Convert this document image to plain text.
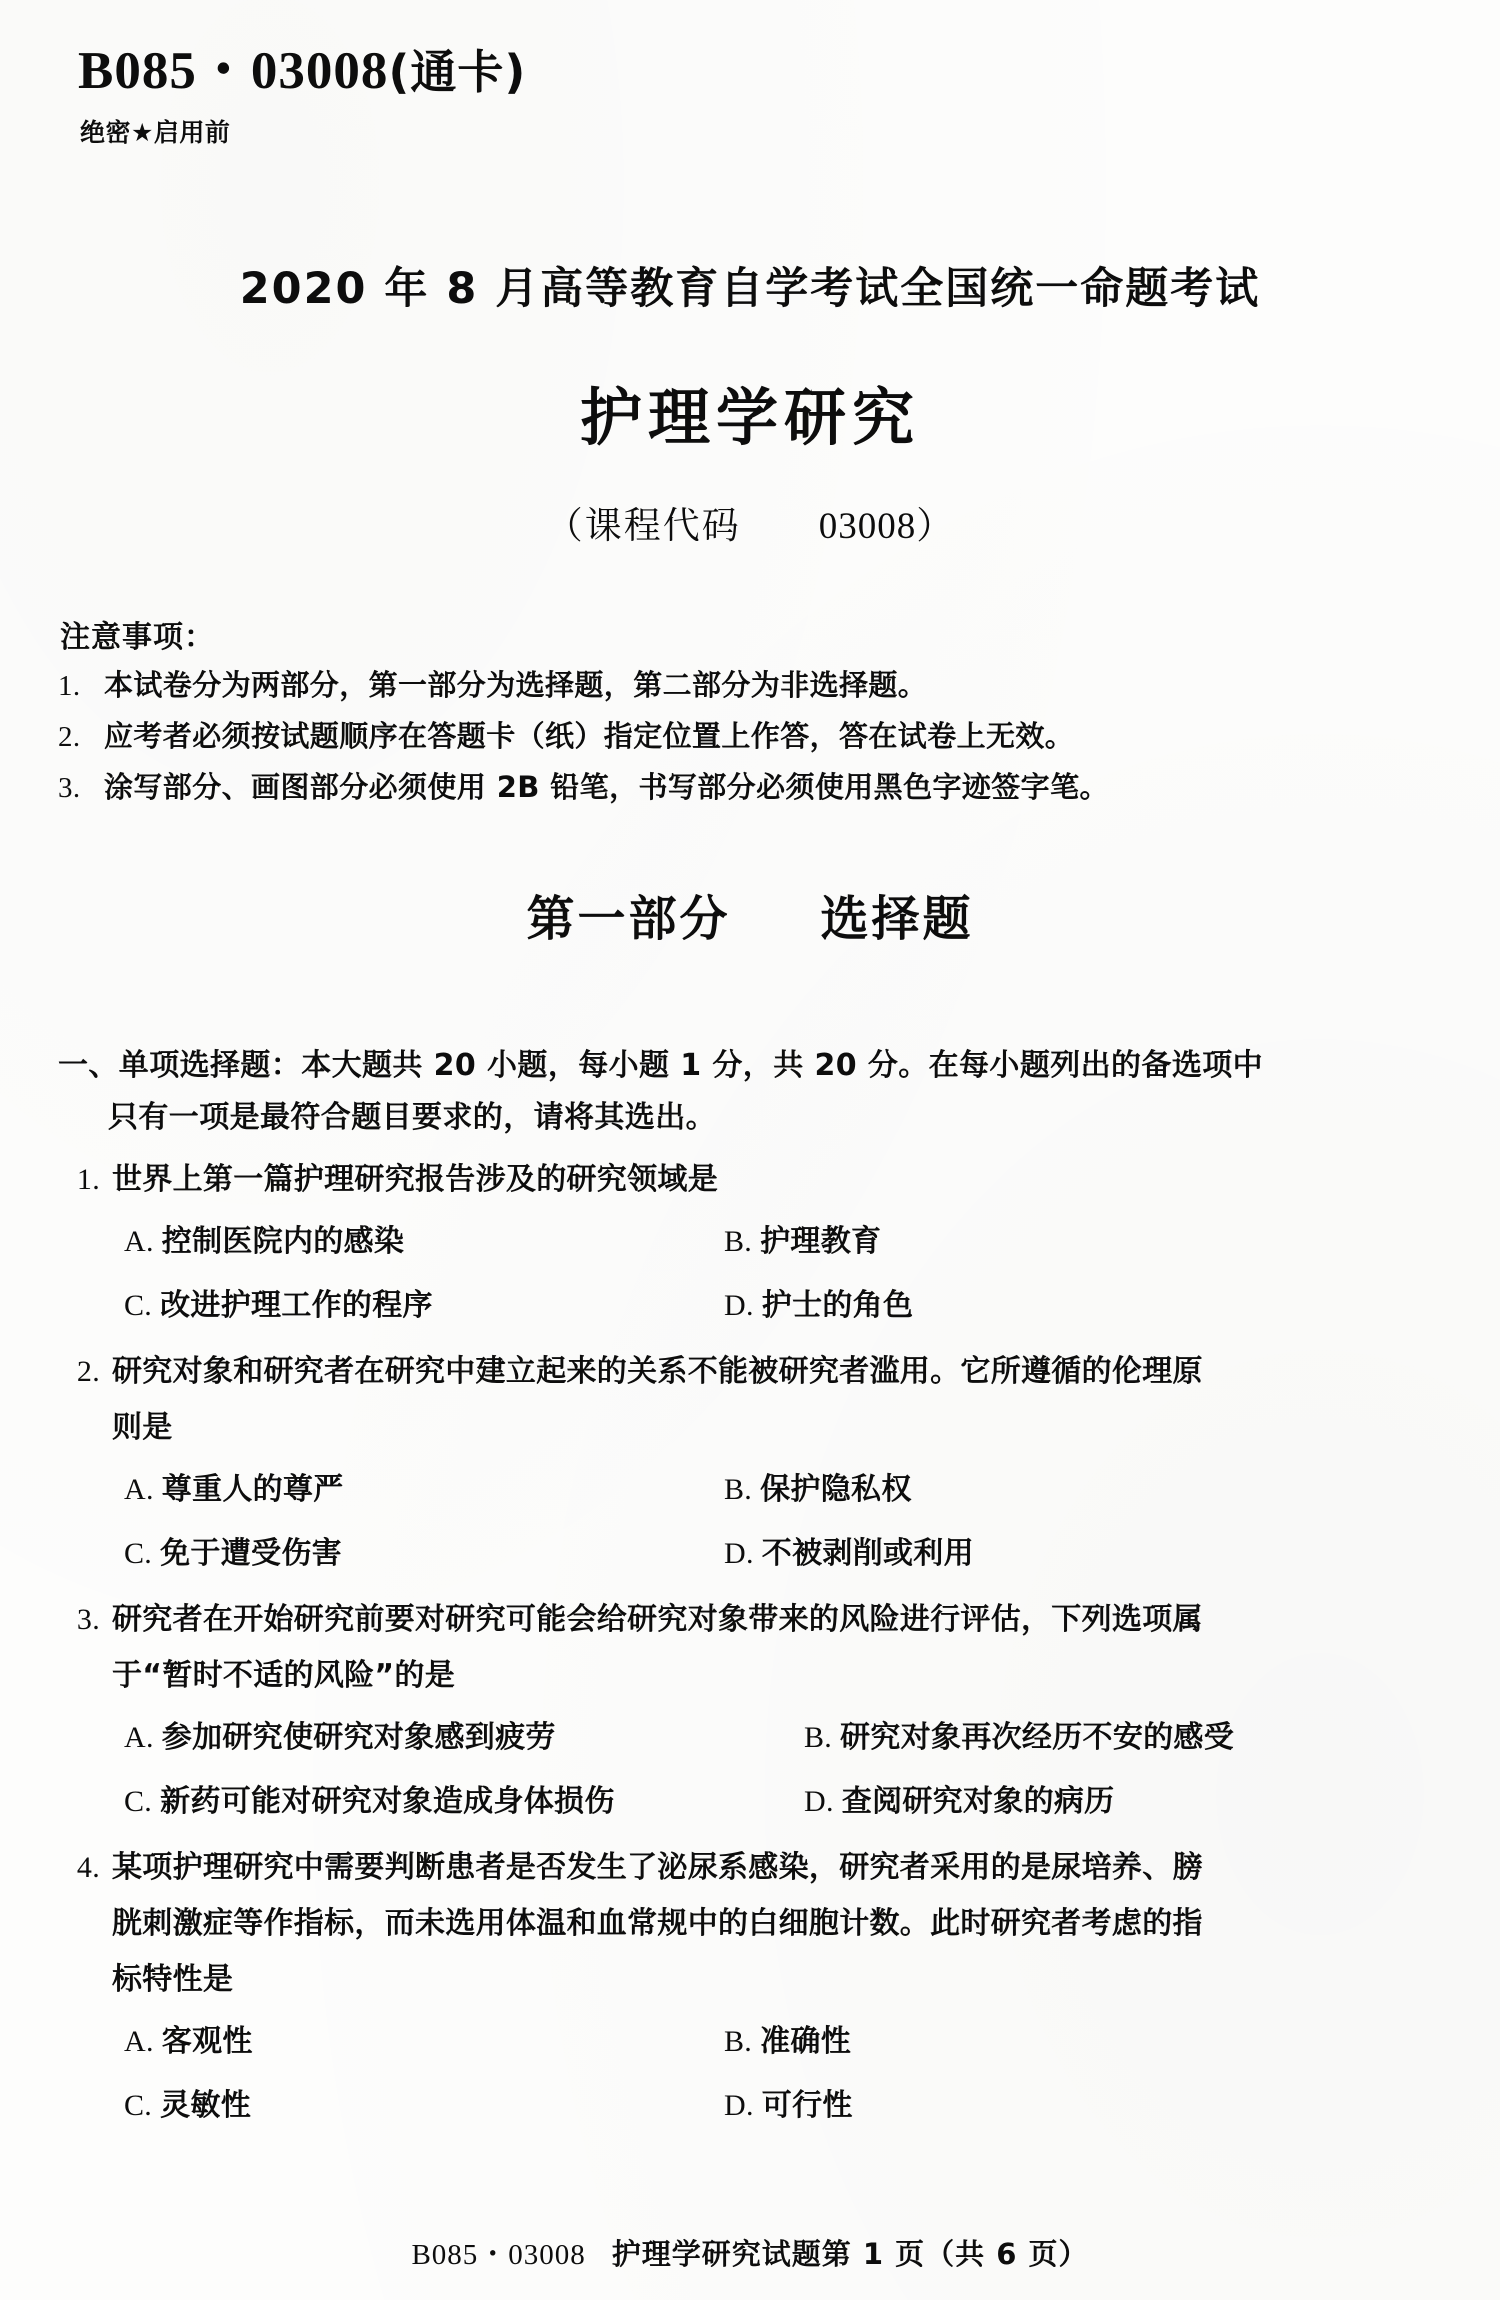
B085・03008(通卡)
绝密★启用前
2020 年 8 月高等教育自学考试全国统一命题考试
护理学研究
（课程代码 03008）
注意事项：
1. 本试卷分为两部分，第一部分为选择题，第二部分为非选择题。
2. 应考者必须按试题顺序在答题卡（纸）指定位置上作答，答在试卷上无效。
3. 涂写部分、画图部分必须使用 2B 铅笔，书写部分必须使用黑色字迹签字笔。
第一部分 选择题
一、单项选择题：本大题共 20 小题，每小题 1 分，共 20 分。在每小题列出的备选项中
只有一项是最符合题目要求的，请将其选出。
1. 世界上第一篇护理研究报告涉及的研究领域是
A. 控制医院内的感染	B. 护理教育
C. 改进护理工作的程序	D. 护士的角色
2. 研究对象和研究者在研究中建立起来的关系不能被研究者滥用。它所遵循的伦理原
则是
A. 尊重人的尊严	B. 保护隐私权
C. 免于遭受伤害	D. 不被剥削或利用
3. 研究者在开始研究前要对研究可能会给研究对象带来的风险进行评估，下列选项属
于“暂时不适的风险”的是
A. 参加研究使研究对象感到疲劳	B. 研究对象再次经历不安的感受
C. 新药可能对研究对象造成身体损伤	D. 查阅研究对象的病历
4. 某项护理研究中需要判断患者是否发生了泌尿系感染，研究者采用的是尿培养、膀
胱刺激症等作指标，而未选用体温和血常规中的白细胞计数。此时研究者考虑的指
标特性是
A. 客观性	B. 准确性
C. 灵敏性	D. 可行性
B085・03008 护理学研究试题第 1 页（共 6 页）
